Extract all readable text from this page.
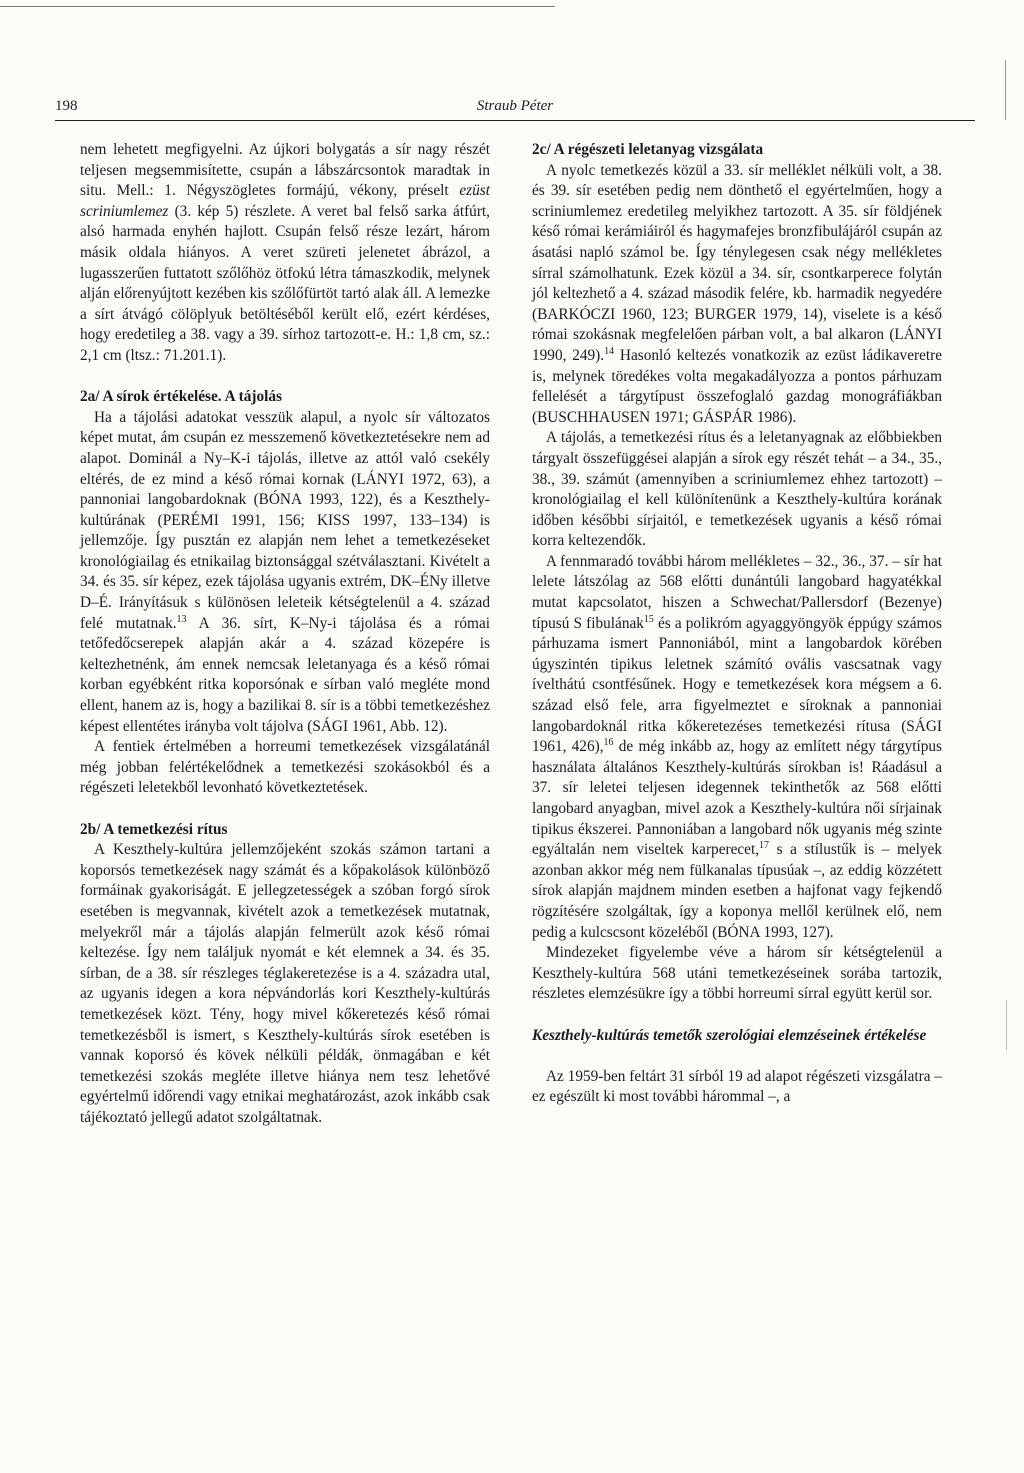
198	Straub Péter

nem lehetett megfigyelni. Az újkori bolygatás a sír nagy részét teljesen megsemmisítette, csupán a lábszárcsontok maradtak in situ. Mell.: 1. Négyszögletes formájú, vékony, préselt ezüst scriniumlemez (3. kép 5) részlete. A veret bal felső sarka átfúrt, alsó harmada enyhén hajlott. Csupán felső része lezárt, három másik oldala hiányos. A veret szüreti jelenetet ábrázol, a lugasszerűen futtatott szőlőhöz ötfokú létra támaszkodik, melynek alján előrenyújtott kezében kis szőlőfürtöt tartó alak áll. A lemezke a sírt átvágó cölöplyuk betöltéséből került elő, ezért kérdéses, hogy eredetileg a 38. vagy a 39. sírhoz tartozott-e. H.: 1,8 cm, sz.: 2,1 cm (ltsz.: 71.201.1).

2a/ A sírok értékelése. A tájolás

Ha a tájolási adatokat vesszük alapul, a nyolc sír változatos képet mutat, ám csupán ez messzemenő következtetésekre nem ad alapot. Dominál a Ny–K-i tájolás, illetve az attól való csekély eltérés, de ez mind a késő római kornak (LÁNYI 1972, 63), a pannoniai langobardoknak (BÓNA 1993, 122), és a Keszthely-kultúrának (PERÉMI 1991, 156; KISS 1997, 133–134) is jellemzője. Így pusztán ez alapján nem lehet a temetkezéseket kronológiailag és etnikailag biztonsággal szétválasztani. Kivételt a 34. és 35. sír képez, ezek tájolása ugyanis extrém, DK–ÉNy illetve D–É. Irányításuk s különösen leleteik kétségtelenül a 4. század felé mutatnak.$^{13}$ A 36. sírt, K–Ny-i tájolása és a római tetőfedőcserepek alapján akár a 4. század közepére is keltezhetnénk, ám ennek nemcsak leletanyaga és a késő római korban egyébként ritka koporsónak e sírban való megléte mond ellent, hanem az is, hogy a bazilikai 8. sír is a többi temetkezéshez képest ellentétes irányba volt tájolva (SÁGI 1961, Abb. 12).

A fentiek értelmében a horreumi temetkezések vizsgálatánál még jobban felértékelődnek a temetkezési szokásokból és a régészeti leletekből levonható következtetések.

2b/ A temetkezési rítus

A Keszthely-kultúra jellemzőjeként szokás számon tartani a koporsós temetkezések nagy számát és a kőpakolások különböző formáinak gyakoriságát. E jellegzetességek a szóban forgó sírok esetében is megvannak, kivételt azok a temetkezések mutatnak, melyekről már a tájolás alapján felmerült azok késő római keltezése. Így nem találjuk nyomát e két elemnek a 34. és 35. sírban, de a 38. sír részleges téglakeretezése is a 4. századra utal, az ugyanis idegen a kora népvándorlás kori Keszthely-kultúrás temetkezések közt. Tény, hogy mivel kőkeretezés késő római temetkezésből is ismert, s Keszthely-kultúrás sírok esetében is vannak koporsó és kövek nélküli példák, önmagában e két temetkezési szokás megléte illetve hiánya nem tesz lehetővé egyértelmű időrendi vagy etnikai meghatározást, azok inkább csak tájékoztató jellegű adatot szolgáltatnak.

2c/ A régészeti leletanyag vizsgálata

A nyolc temetkezés közül a 33. sír melléklet nélküli volt, a 38. és 39. sír esetében pedig nem dönthető el egyértelműen, hogy a scriniumlemez eredetileg melyikhez tartozott. A 35. sír földjének késő római kerámiáiról és hagymafejes bronzfibulájáról csupán az ásatási napló számol be. Így ténylegesen csak négy mellékletes sírral számolhatunk. Ezek közül a 34. sír, csontkarperece folytán jól keltezhető a 4. század második felére, kb. harmadik negyedére (BARKÓCZI 1960, 123; BURGER 1979, 14), viselete is a késő római szokásnak megfelelően párban volt, a bal alkaron (LÁNYI 1990, 249).$^{14}$ Hasonló keltezés vonatkozik az ezüst ládikaveretre is, melynek töredékes volta megakadályozza a pontos párhuzam fellelését a tárgytípust összefoglaló gazdag monográfiákban (BUSCHHAUSEN 1971; GÁSPÁR 1986).

A tájolás, a temetkezési rítus és a leletanyagnak az előbbiekben tárgyalt összefüggései alapján a sírok egy részét tehát – a 34., 35., 38., 39. számút (amennyiben a scriniumlemez ehhez tartozott) – kronológiailag el kell különítenünk a Keszthely-kultúra korának időben későbbi sírjaitól, e temetkezések ugyanis a késő római korra keltezendők.

A fennmaradó további három mellékletes – 32., 36., 37. – sír hat lelete látszólag az 568 előtti dunántúli langobard hagyatékkal mutat kapcsolatot, hiszen a Schwechat/Pallersdorf (Bezenye) típusú S fibulának$^{15}$ és a polikróm agyaggyöngyök éppúgy számos párhuzama ismert Pannoniából, mint a langobardok körében úgyszintén tipikus leletnek számító ovális vascsatnak vagy ívelthátú csontfésűnek. Hogy e temetkezések kora mégsem a 6. század első fele, arra figyelmeztet e síroknak a pannoniai langobardoknál ritka kőkeretezéses temetkezési rítusa (SÁGI 1961, 426),$^{16}$ de még inkább az, hogy az említett négy tárgytípus használata általános Keszthely-kultúrás sírokban is! Ráadásul a 37. sír leletei teljesen idegennek tekinthetők az 568 előtti langobard anyagban, mivel azok a Keszthely-kultúra női sírjainak tipikus ékszerei. Pannoniában a langobard nők ugyanis még szinte egyáltalán nem viseltek karperecet,$^{17}$ s a stílustűk is – melyek azonban akkor még nem fülkanalas típusúak –, az eddig közzétett sírok alapján majdnem minden esetben a hajfonat vagy fejkendő rögzítésére szolgáltak, így a koponya mellől kerülnek elő, nem pedig a kulcscsont közeléből (BÓNA 1993, 127).

Mindezeket figyelembe véve a három sír kétségtelenül a Keszthely-kultúra 568 utáni temetkezéseinek sorába tartozik, részletes elemzésükre így a többi horreumi sírral együtt kerül sor.

Keszthely-kultúrás temetők szerológiai elemzéseinek értékelése

Az 1959-ben feltárt 31 sírból 19 ad alapot régészeti vizsgálatra – ez egészült ki most további hárommal –, a
